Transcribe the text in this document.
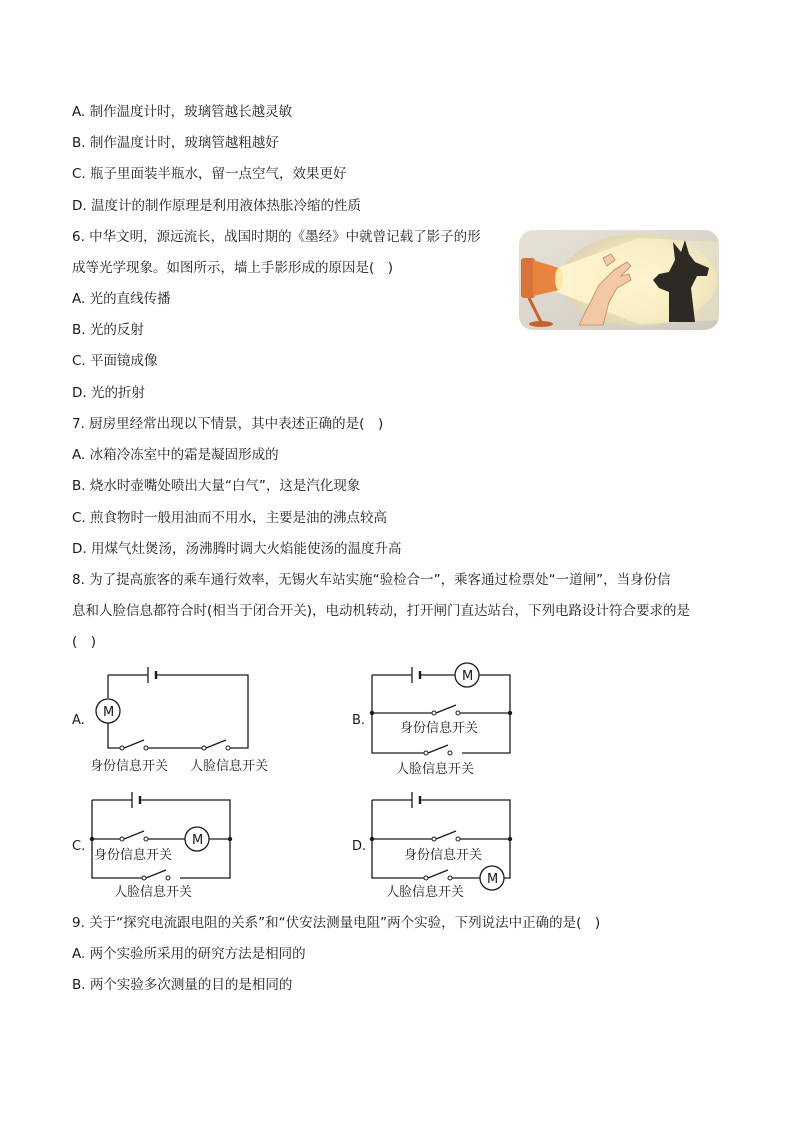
A. 制作温度计时，玻璃管越长越灵敏
B. 制作温度计时，玻璃管越粗越好
C. 瓶子里面装半瓶水，留一点空气，效果更好
D. 温度计的制作原理是利用液体热胀冷缩的性质
6. 中华文明，源远流长，战国时期的《墨经》中就曾记载了影子的形
成等光学现象。如图所示，墙上手影形成的原因是(　)
A. 光的直线传播
B. 光的反射
C. 平面镜成像
D. 光的折射
7. 厨房里经常出现以下情景，其中表述正确的是(　)
A. 冰箱冷冻室中的霜是凝固形成的
B. 烧水时壶嘴处喷出大量“白气”，这是汽化现象
C. 煎食物时一般用油而不用水，主要是油的沸点较高
D. 用煤气灶煲汤，汤沸腾时调大火焰能使汤的温度升高
8. 为了提高旅客的乘车通行效率，无锡火车站实施“验检合一”，乘客通过检票处“一道闸”，当身份信
息和人脸信息都符合时(相当于闭合开关)，电动机转动，打开闸门直达站台，下列电路设计符合要求的是
(　)
A.
M
身份信息开关 人脸信息开关
B.
M
身份信息开关
人脸信息开关
C.	M
身份信息开关
人脸信息开关
D.
身份信息开关
M
人脸信息开关
9. 关于“探究电流跟电阻的关系”和“伏安法测量电阻”两个实验，下列说法中正确的是(　)
A. 两个实验所采用的研究方法是相同的
B. 两个实验多次测量的目的是相同的
